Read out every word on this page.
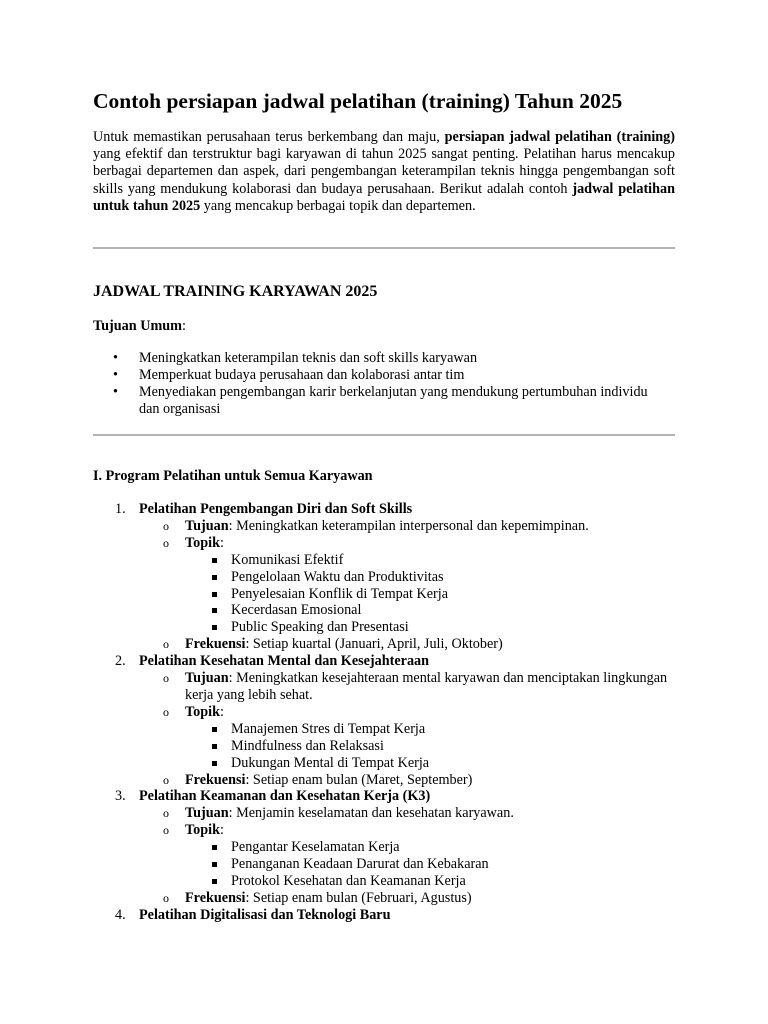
Contoh persiapan jadwal pelatihan (training) Tahun 2025

Untuk memastikan perusahaan terus berkembang dan maju, persiapan jadwal pelatihan (training) yang efektif dan terstruktur bagi karyawan di tahun 2025 sangat penting. Pelatihan harus mencakup berbagai departemen dan aspek, dari pengembangan keterampilan teknis hingga pengembangan soft skills yang mendukung kolaborasi dan budaya perusahaan. Berikut adalah contoh jadwal pelatihan untuk tahun 2025 yang mencakup berbagai topik dan departemen.

JADWAL TRAINING KARYAWAN 2025

Tujuan Umum:

• Meningkatkan keterampilan teknis dan soft skills karyawan
• Memperkuat budaya perusahaan dan kolaborasi antar tim
• Menyediakan pengembangan karir berkelanjutan yang mendukung pertumbuhan individu dan organisasi

I. Program Pelatihan untuk Semua Karyawan

1. Pelatihan Pengembangan Diri dan Soft Skills
o Tujuan: Meningkatkan keterampilan interpersonal dan kepemimpinan.
o Topik:
Komunikasi Efektif
Pengelolaan Waktu dan Produktivitas
Penyelesaian Konflik di Tempat Kerja
Kecerdasan Emosional
Public Speaking dan Presentasi
o Frekuensi: Setiap kuartal (Januari, April, Juli, Oktober)
2. Pelatihan Kesehatan Mental dan Kesejahteraan
o Tujuan: Meningkatkan kesejahteraan mental karyawan dan menciptakan lingkungan kerja yang lebih sehat.
o Topik:
Manajemen Stres di Tempat Kerja
Mindfulness dan Relaksasi
Dukungan Mental di Tempat Kerja
o Frekuensi: Setiap enam bulan (Maret, September)
3. Pelatihan Keamanan dan Kesehatan Kerja (K3)
o Tujuan: Menjamin keselamatan dan kesehatan karyawan.
o Topik:
Pengantar Keselamatan Kerja
Penanganan Keadaan Darurat dan Kebakaran
Protokol Kesehatan dan Keamanan Kerja
o Frekuensi: Setiap enam bulan (Februari, Agustus)
4. Pelatihan Digitalisasi dan Teknologi Baru
